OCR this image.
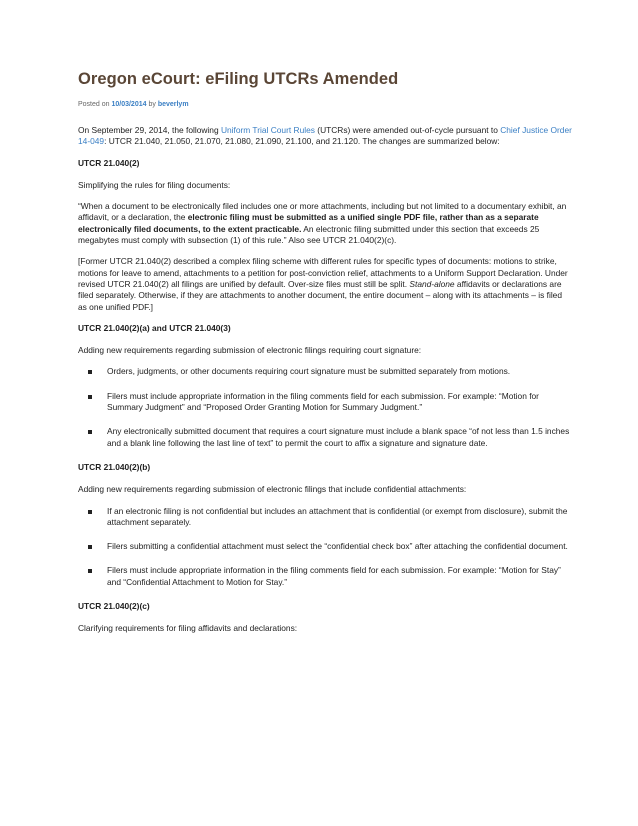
Oregon eCourt: eFiling UTCRs Amended
Posted on 10/03/2014 by beverlym

On September 29, 2014, the following Uniform Trial Court Rules (UTCRs) were amended out-of-cycle pursuant to Chief Justice Order 14-049: UTCR 21.040, 21.050, 21.070, 21.080, 21.090, 21.100, and 21.120. The changes are summarized below:

UTCR 21.040(2)

Simplifying the rules for filing documents:

“When a document to be electronically filed includes one or more attachments, including but not limited to a documentary exhibit, an affidavit, or a declaration, the electronic filing must be submitted as a unified single PDF file, rather than as a separate electronically filed documents, to the extent practicable. An electronic filing submitted under this section that exceeds 25 megabytes must comply with subsection (1) of this rule.” Also see UTCR 21.040(2)(c).

[Former UTCR 21.040(2) described a complex filing scheme with different rules for specific types of documents: motions to strike, motions for leave to amend, attachments to a petition for post-conviction relief, attachments to a Uniform Support Declaration. Under revised UTCR 21.040(2) all filings are unified by default. Over-size files must still be split. Stand-alone affidavits or declarations are filed separately. Otherwise, if they are attachments to another document, the entire document – along with its attachments – is filed as one unified PDF.]

UTCR 21.040(2)(a) and UTCR 21.040(3)

Adding new requirements regarding submission of electronic filings requiring court signature:

Orders, judgments, or other documents requiring court signature must be submitted separately from motions.
Filers must include appropriate information in the filing comments field for each submission. For example: “Motion for Summary Judgment” and “Proposed Order Granting Motion for Summary Judgment.”
Any electronically submitted document that requires a court signature must include a blank space “of not less than 1.5 inches and a blank line following the last line of text” to permit the court to affix a signature and signature date.

UTCR 21.040(2)(b)

Adding new requirements regarding submission of electronic filings that include confidential attachments:

If an electronic filing is not confidential but includes an attachment that is confidential (or exempt from disclosure), submit the attachment separately.
Filers submitting a confidential attachment must select the “confidential check box” after attaching the confidential document.
Filers must include appropriate information in the filing comments field for each submission. For example: “Motion for Stay” and “Confidential Attachment to Motion for Stay.”

UTCR 21.040(2)(c)

Clarifying requirements for filing affidavits and declarations:
